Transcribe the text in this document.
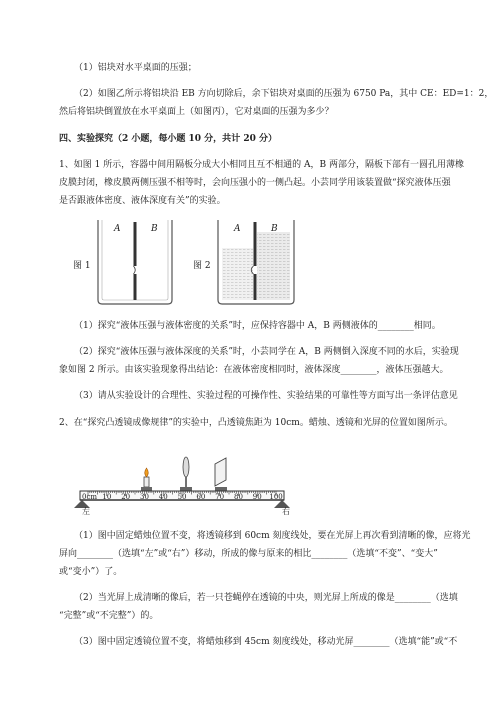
（1）铝块对水平桌面的压强；
（2）如图乙所示将铝块沿 EB 方向切除后，余下铝块对桌面的压强为 6750 Pa，其中 CE：ED=1：2，
然后将铝块倒置放在水平桌面上（如图丙），它对桌面的压强为多少？
四、实验探究（2 小题，每小题 10 分，共计 20 分）
1、如图 1 所示，容器中间用隔板分成大小相同且互不相通的 A，B 两部分，隔板下部有一圆孔用薄橡
皮膜封闭，橡皮膜两侧压强不相等时，会向压强小的一侧凸起。小芸同学用该装置做“探究液体压强
是否跟液体密度、液体深度有关”的实验。
图 1
A	B
图 2
A	B
（1）探究“液体压强与液体密度的关系”时，应保持容器中 A，B 两侧液体的________相同。
（2）探究“液体压强与液体深度的关系”时，小芸同学在 A，B 两侧倒入深度不同的水后，实验现
象如图 2 所示。由该实验现象得出结论：在液体密度相同时，液体深度________，液体压强越大。
（3）请从实验设计的合理性、实验过程的可操作性、实验结果的可靠性等方面写出一条评估意见
2、在“探究凸透镜成像规律”的实验中，凸透镜焦距为 10cm。蜡烛、透镜和光屏的位置如图所示。
0cm
左	右
10 20 30 40 50 60 70 80 90 100
（1）图中固定蜡烛位置不变，将透镜移到 60cm 刻度线处，要在光屏上再次看到清晰的像，应将光
屏向________（选填“左”或“右”）移动，所成的像与原来的相比________（选填“不变”、“变大”
或“变小”）了。
（2）当光屏上成清晰的像后，若一只苍蝇停在透镜的中央，则光屏上所成的像是________（选填
“完整”或“不完整”）的。
（3）图中固定透镜位置不变，将蜡烛移到 45cm 刻度线处，移动光屏________（选填“能”或“不
